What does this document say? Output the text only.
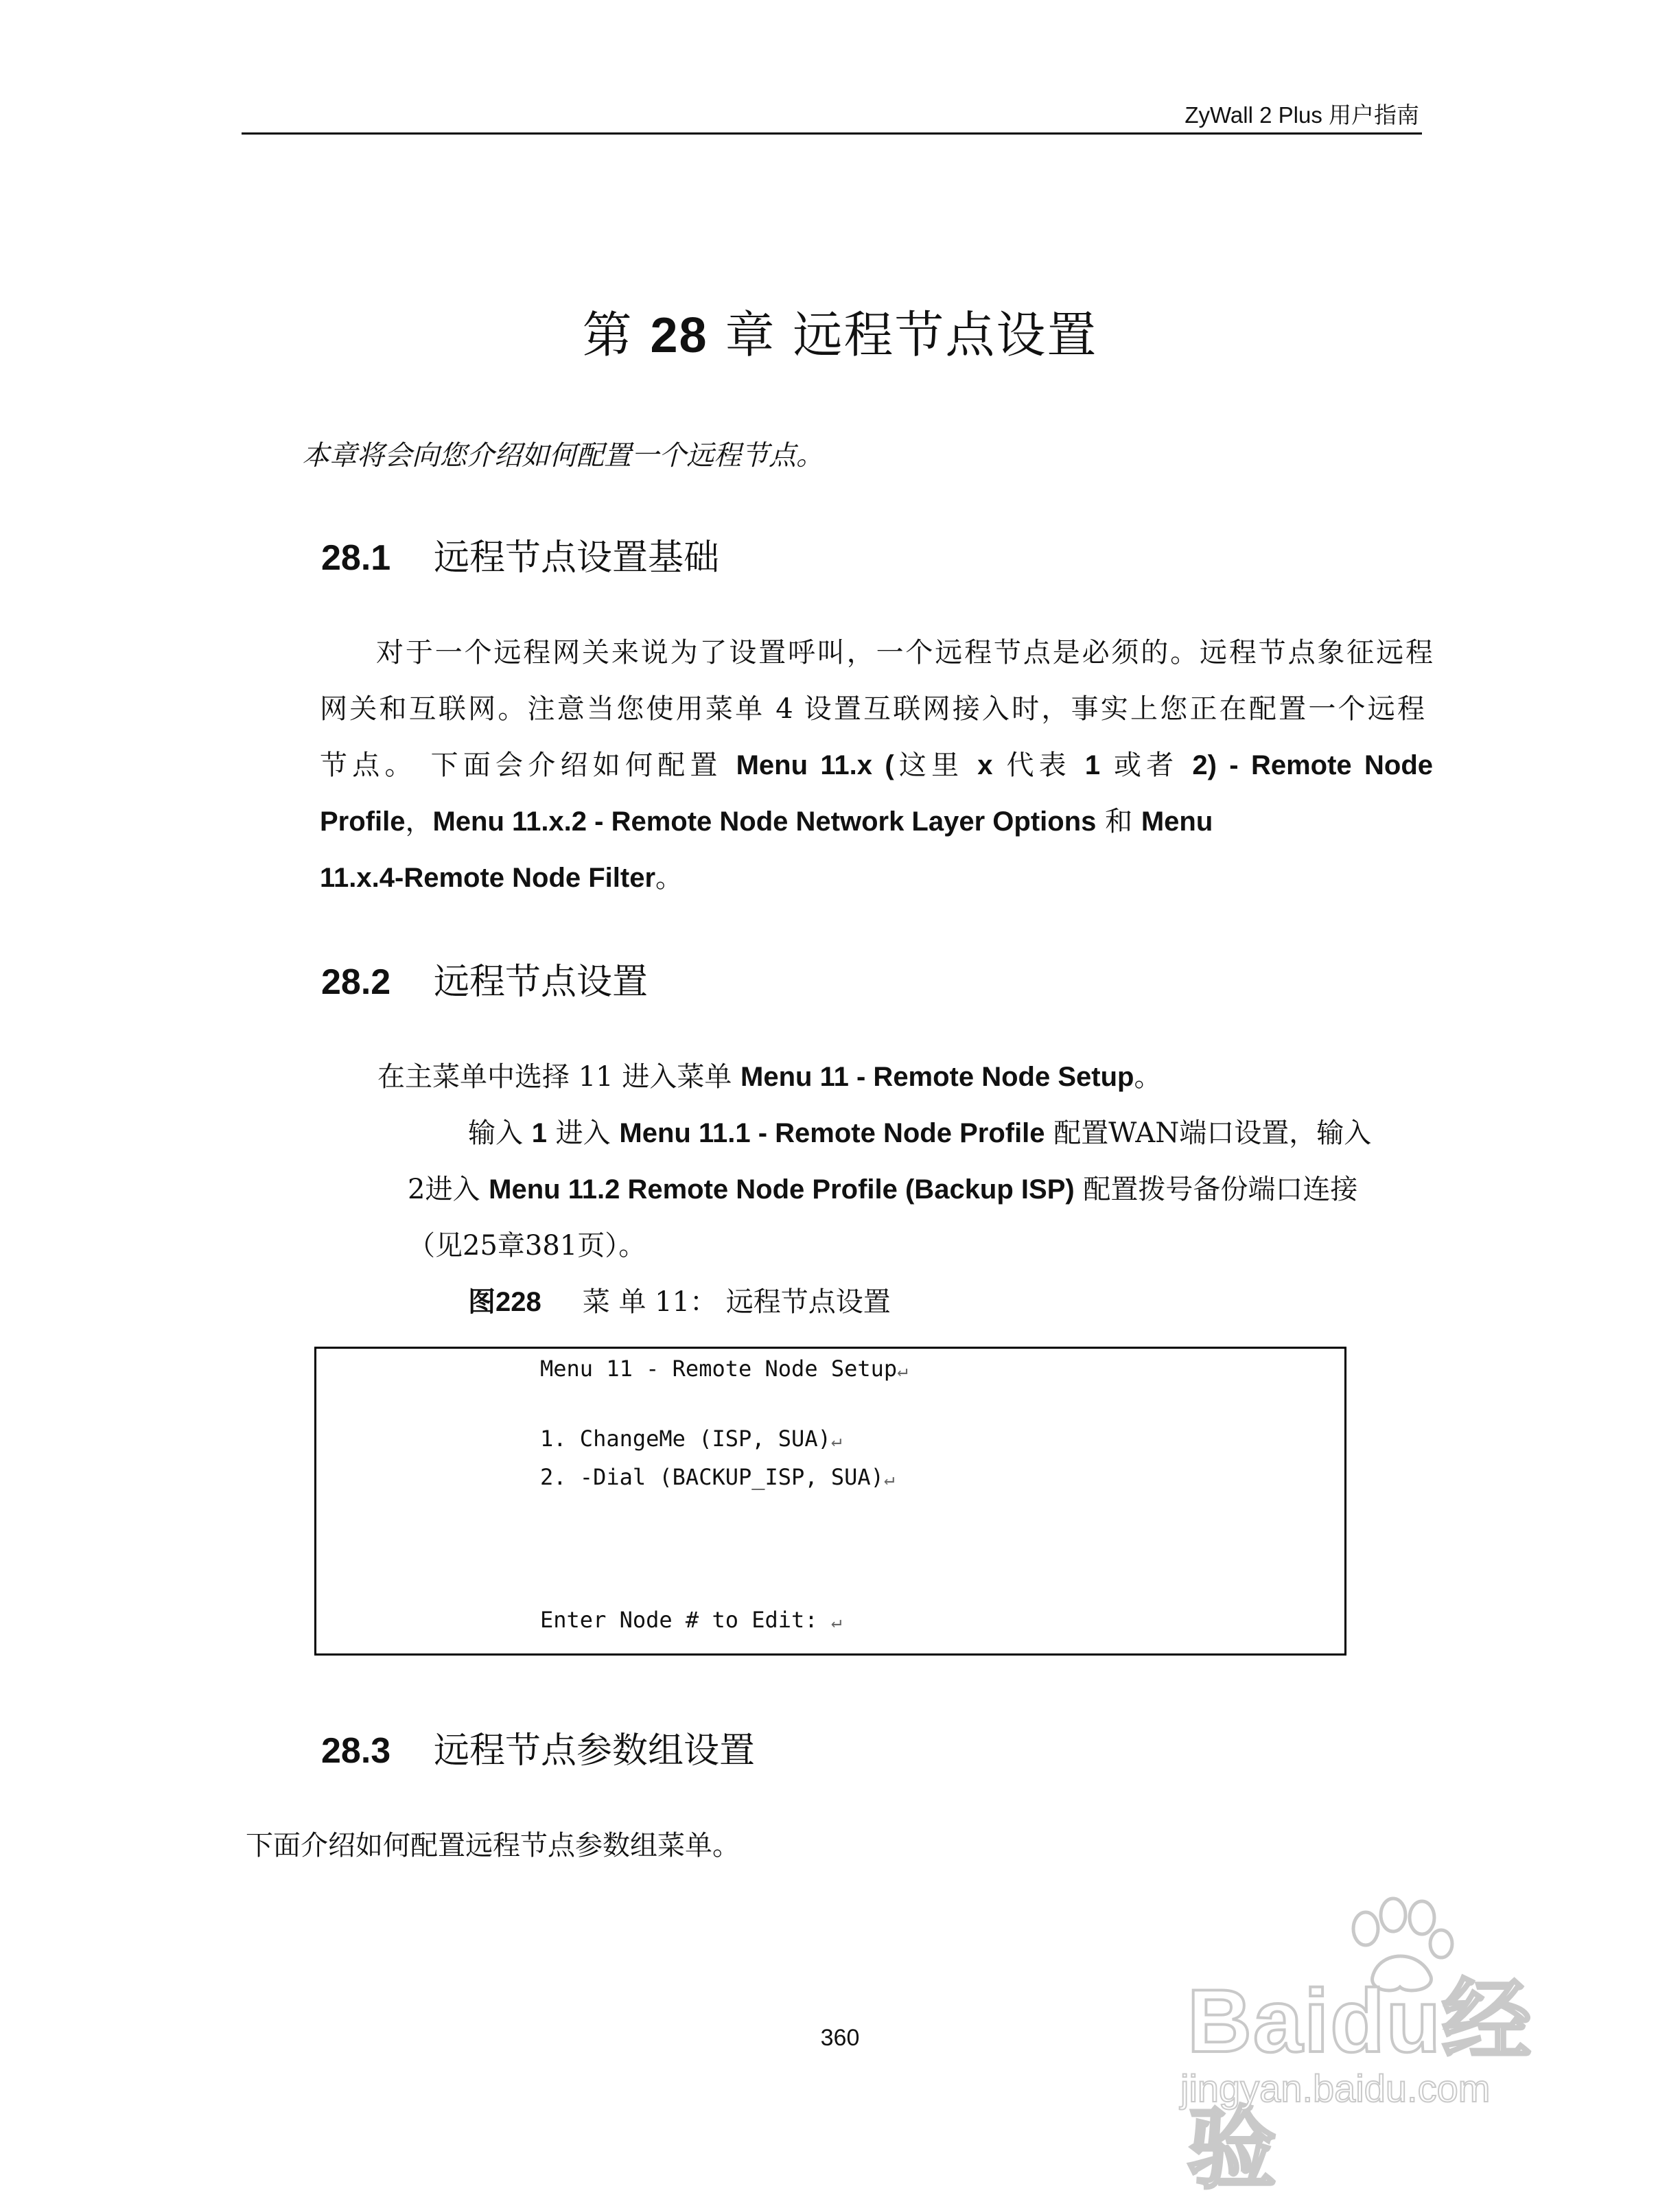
ZyWall 2 Plus 用户指南
第 28 章 远程节点设置
本章将会向您介绍如何配置一个远程节点。
28.1 远程节点设置基础
对于一个远程网关来说为了设置呼叫，一个远程节点是必须的。远程节点象征远程
网关和互联网。注意当您使用菜单 4 设置互联网接入时，事实上您正在配置一个远程
节点。 下面会介绍如何配置 Menu 11.x (这里 x 代表 1 或者 2) - Remote Node
Profile，Menu 11.x.2 - Remote Node Network Layer Options 和 Menu
11.x.4-Remote Node Filter。
28.2 远程节点设置
在主菜单中选择 11 进入菜单 Menu 11 - Remote Node Setup。
输入 1 进入 Menu 11.1 - Remote Node Profile 配置WAN端口设置，输入
2进入 Menu 11.2 Remote Node Profile (Backup ISP) 配置拨号备份端口连接
（见25章381页）。
图228 菜 单 11： 远程节点设置
Menu 11 - Remote Node Setup↵
1. ChangeMe (ISP, SUA)↵
2. -Dial (BACKUP_ISP, SUA)↵
Enter Node # to Edit: ↵
28.3 远程节点参数组设置
下面介绍如何配置远程节点参数组菜单。
360	Baidu经验
jingyan.baidu.com
